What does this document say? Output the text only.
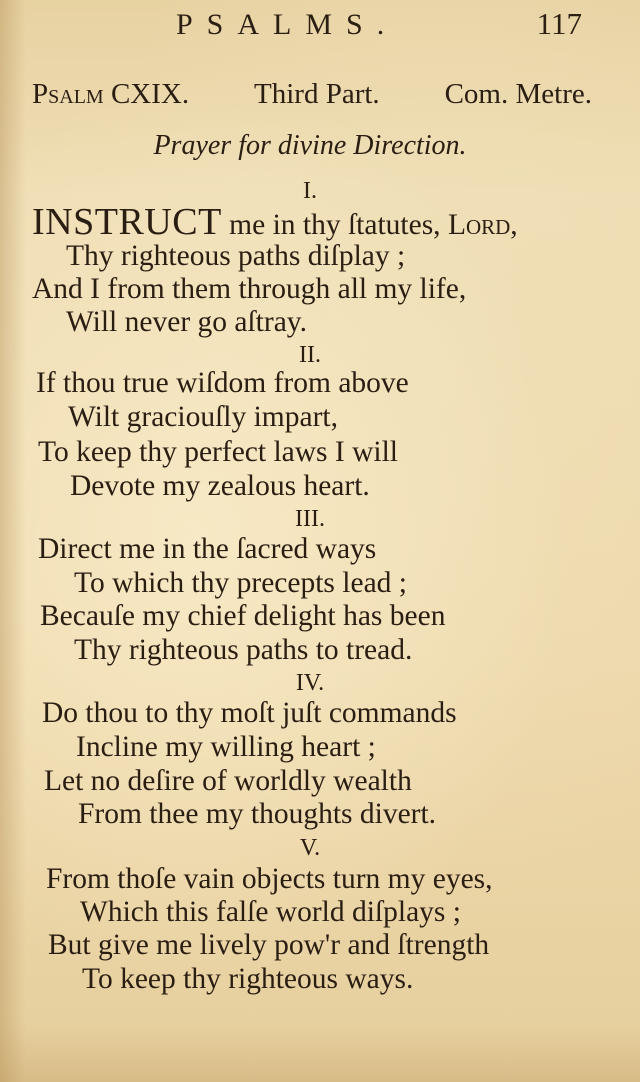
PSALMS.	117
Psalm CXIX. Third Part. Com. Metre.
Prayer for divine Direction.
I.
INSTRUCT me in thy ſtatutes, Lord,
Thy righteous paths diſplay ;
And I from them through all my life,
Will never go aſtray.
II.
If thou true wiſdom from above
Wilt graciouſly impart,
To keep thy perfect laws I will
Devote my zealous heart.
III.
Direct me in the ſacred ways
To which thy precepts lead ;
Becauſe my chief delight has been
Thy righteous paths to tread.
IV.
Do thou to thy moſt juſt commands
Incline my willing heart ;
Let no deſire of worldly wealth
From thee my thoughts divert.
V.
From thoſe vain objects turn my eyes,
Which this falſe world diſplays ;
But give me lively pow'r and ſtrength
To keep thy righteous ways.
